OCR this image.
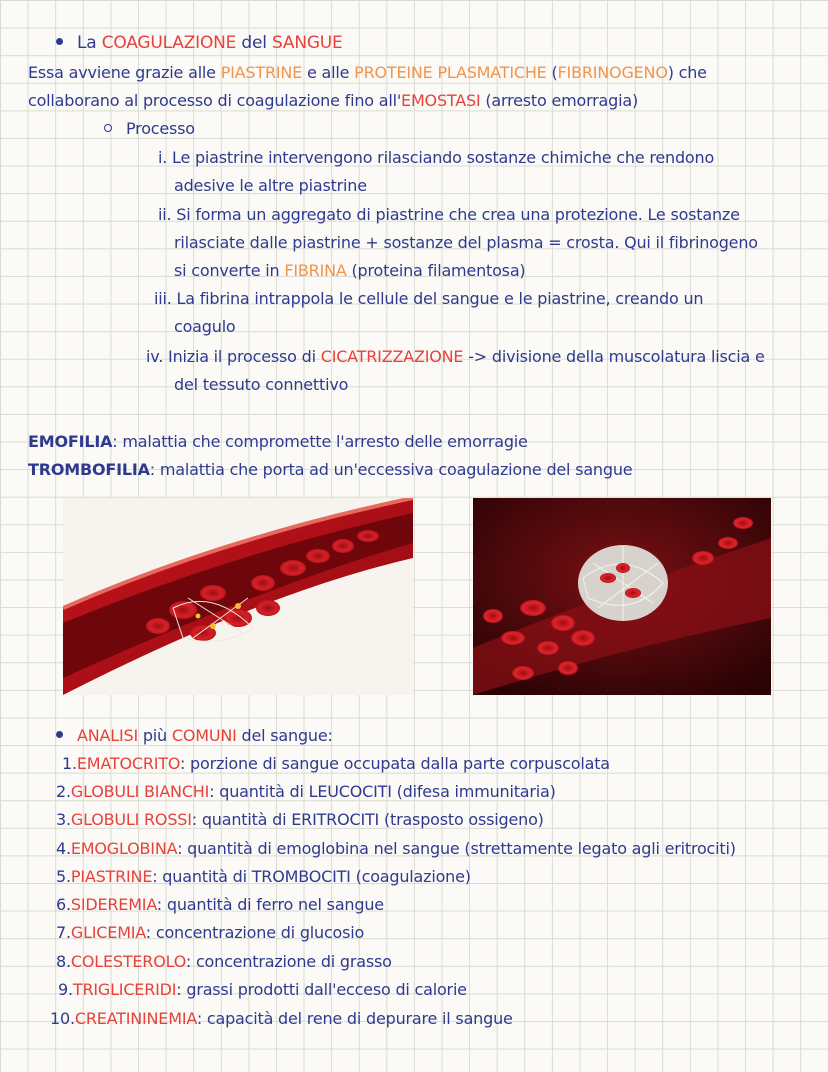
La COAGULAZIONE del SANGUE
Essa avviene grazie alle PIASTRINE e alle PROTEINE PLASMATICHE (FIBRINOGENO) che
collaborano al processo di coagulazione fino all'EMOSTASI (arresto emorragia)
Processo
i. Le piastrine intervengono rilasciando sostanze chimiche che rendono
adesive le altre piastrine
ii. Si forma un aggregato di piastrine che crea una protezione. Le sostanze
rilasciate dalle piastrine + sostanze del plasma = crosta. Qui il fibrinogeno
si converte in FIBRINA (proteina filamentosa)
iii. La fibrina intrappola le cellule del sangue e le piastrine, creando un
coagulo
iv. Inizia il processo di CICATRIZZAZIONE -> divisione della muscolatura liscia e
del tessuto connettivo
EMOFILIA: malattia che compromette l'arresto delle emorragie
TROMBOFILIA: malattia che porta ad un'eccessiva coagulazione del sangue
ANALISI più COMUNI del sangue:
1.EMATOCRITO: porzione di sangue occupata dalla parte corpuscolata
2.GLOBULI BIANCHI: quantità di LEUCOCITI (difesa immunitaria)
3.GLOBULI ROSSI: quantità di ERITROCITI (trasposto ossigeno)
4.EMOGLOBINA: quantità di emoglobina nel sangue (strettamente legato agli eritrociti)
5.PIASTRINE: quantità di TROMBOCITI (coagulazione)
6.SIDEREMIA: quantità di ferro nel sangue
7.GLICEMIA: concentrazione di glucosio
8.COLESTEROLO: concentrazione di grasso
9.TRIGLICERIDI: grassi prodotti dall'ecceso di calorie
10.CREATININEMIA: capacità del rene di depurare il sangue
